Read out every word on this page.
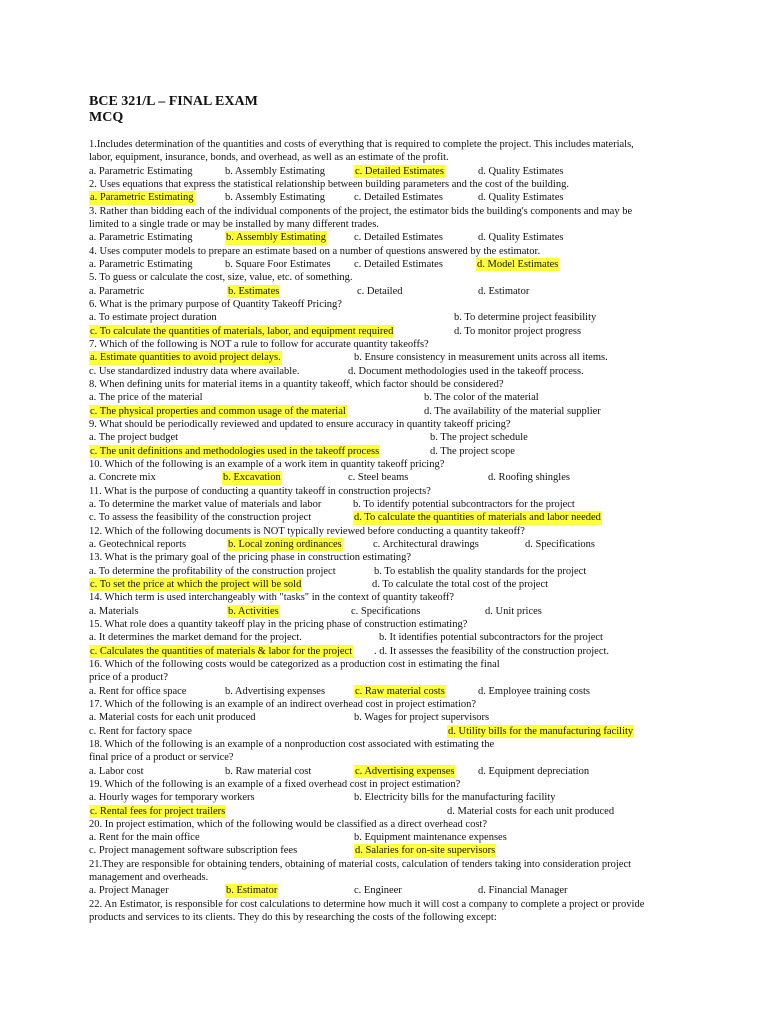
BCE 321/L – FINAL EXAM
MCQ
1.Includes determination of the quantities and costs of everything that is required to complete the project. This includes materials,
labor, equipment, insurance, bonds, and overhead, as well as an estimate of the profit.
a. Parametric Estimating	b. Assembly Estimating	c. Detailed Estimates	d. Quality Estimates
2. Uses equations that express the statistical relationship between building parameters and the cost of the building.
a. Parametric Estimating	b. Assembly Estimating	c. Detailed Estimates	d. Quality Estimates
3. Rather than bidding each of the individual components of the project, the estimator bids the building's components and may be
limited to a single trade or may be installed by many different trades.
a. Parametric Estimating	b. Assembly Estimating	c. Detailed Estimates	d. Quality Estimates
4. Uses computer models to prepare an estimate based on a number of questions answered by the estimator.
a. Parametric Estimating	b. Square Foor Estimates c. Detailed Estimates	d. Model Estimates
5. To guess or calculate the cost, size, value, etc. of something.
a. Parametric	b. Estimates	c. Detailed	d. Estimator
6. What is the primary purpose of Quantity Takeoff Pricing?
a. To estimate project duration	b. To determine project feasibility
c. To calculate the quantities of materials, labor, and equipment required	d. To monitor project progress
7. Which of the following is NOT a rule to follow for accurate quantity takeoffs?
a. Estimate quantities to avoid project delays.	b. Ensure consistency in measurement units across all items.
c. Use standardized industry data where available.	d. Document methodologies used in the takeoff process.
8. When defining units for material items in a quantity takeoff, which factor should be considered?
a. The price of the material	b. The color of the material
c. The physical properties and common usage of the material	d. The availability of the material supplier
9. What should be periodically reviewed and updated to ensure accuracy in quantity takeoff pricing?
a. The project budget	b. The project schedule
c. The unit definitions and methodologies used in the takeoff process	d. The project scope
10. Which of the following is an example of a work item in quantity takeoff pricing?
a. Concrete mix	b. Excavation	c. Steel beams	d. Roofing shingles
11. What is the purpose of conducting a quantity takeoff in construction projects?
a. To determine the market value of materials and labor	b. To identify potential subcontractors for the project
c. To assess the feasibility of the construction project	d. To calculate the quantities of materials and labor needed
12. Which of the following documents is NOT typically reviewed before conducting a quantity takeoff?
a. Geotechnical reports	b. Local zoning ordinances	c. Architectural drawings	d. Specifications
13. What is the primary goal of the pricing phase in construction estimating?
a. To determine the profitability of the construction project	b. To establish the quality standards for the project
c. To set the price at which the project will be sold	d. To calculate the total cost of the project
14. Which term is used interchangeably with "tasks" in the context of quantity takeoff?
a. Materials	b. Activities	c. Specifications	d. Unit prices
15. What role does a quantity takeoff play in the pricing phase of construction estimating?
a. It determines the market demand for the project.	b. It identifies potential subcontractors for the project
c. Calculates the quantities of materials & labor for the project . d. It assesses the feasibility of the construction project.
16. Which of the following costs would be categorized as a production cost in estimating the final
price of a product?
a. Rent for office space	b. Advertising expenses	c. Raw material costs	d. Employee training costs
17. Which of the following is an example of an indirect overhead cost in project estimation?
a. Material costs for each unit produced	b. Wages for project supervisors
c. Rent for factory space	d. Utility bills for the manufacturing facility
18. Which of the following is an example of a nonproduction cost associated with estimating the
final price of a product or service?
a. Labor cost	b. Raw material cost	c. Advertising expenses d. Equipment depreciation
19. Which of the following is an example of a fixed overhead cost in project estimation?
a. Hourly wages for temporary workers	b. Electricity bills for the manufacturing facility
c. Rental fees for project trailers	d. Material costs for each unit produced
20. In project estimation, which of the following would be classified as a direct overhead cost?
a. Rent for the main office	b. Equipment maintenance expenses
c. Project management software subscription fees	d. Salaries for on-site supervisors
21.They are responsible for obtaining tenders, obtaining of material costs, calculation of tenders taking into consideration project
management and overheads.
a. Project Manager	b. Estimator	c. Engineer	d. Financial Manager
22. An Estimator, is responsible for cost calculations to determine how much it will cost a company to complete a project or provide
products and services to its clients. They do this by researching the costs of the following except:
